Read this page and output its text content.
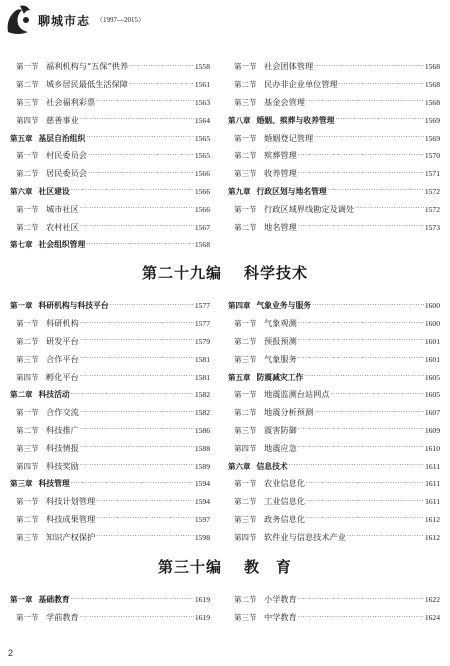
聊城市志 （1997—2015）
第一节 福利机构与“五保”供养 ·····	1558
第二节 城乡居民最低生活保障 ·····	1561
第三节 社会福利彩票 ·····	1563
第四节 慈善事业 ·····	1564
第五章 基层自治组织 ·····	1565
第一节 村民委员会 ·····	1565
第二节 居民委员会 ·····	1566
第六章 社区建设 ·····	1566
第一节 城市社区 ·····	1566
第二节 农村社区 ·····	1567
第七章 社会组织管理 ·····	1568
第一节 社会团体管理 ·····	1568
第二节 民办非企业单位管理 ·····	1568
第三节 基金会管理 ·····	1568
第八章 婚姻、殡葬与收养管理 ·····	1569
第一节 婚姻登记管理 ·····	1569
第二节 殡葬管理 ·····	1570
第三节 收养管理 ·····	1571
第九章 行政区划与地名管理 ·····	1572
第一节 行政区域界线勘定及调处 ·····	1572
第二节 地名管理 ·····	1573
第二十九编 科学技术
第一章 科研机构与科技平台 ·····	1577
第一节 科研机构 ·····	1577
第二节 研发平台 ·····	1579
第三节 合作平台 ·····	1581
第四节 孵化平台 ·····	1581
第二章 科技活动 ·····	1582
第一节 合作交流 ·····	1582
第二节 科技推广 ·····	1586
第三节 科技情报 ·····	1588
第四节 科技奖励 ·····	1589
第三章 科技管理 ·····	1594
第一节 科技计划管理 ·····	1594
第二节 科技成果管理 ·····	1597
第三节 知识产权保护 ·····	1598
第四章 气象业务与服务 ·····	1600
第一节 气象观测 ·····	1600
第二节 预报预测 ·····	1601
第三节 气象服务 ·····	1601
第五章 防震减灾工作 ·····	1605
第一节 地震监测台站网点 ·····	1605
第二节 地震分析预测 ·····	1607
第三节 震害防御 ·····	1609
第四节 地震应急 ·····	1610
第六章 信息技术 ·····	1611
第一节 农业信息化 ·····	1611
第二节 工业信息化 ·····	1611
第三节 政务信息化 ·····	1612
第四节 软件业与信息技术产业 ·····	1612
第三十编 教　育
第一章 基础教育 ·····	1619
第一节 学前教育 ·····	1619
第二节 小学教育 ·····	1622
第三节 中学教育 ·····	1624
2
